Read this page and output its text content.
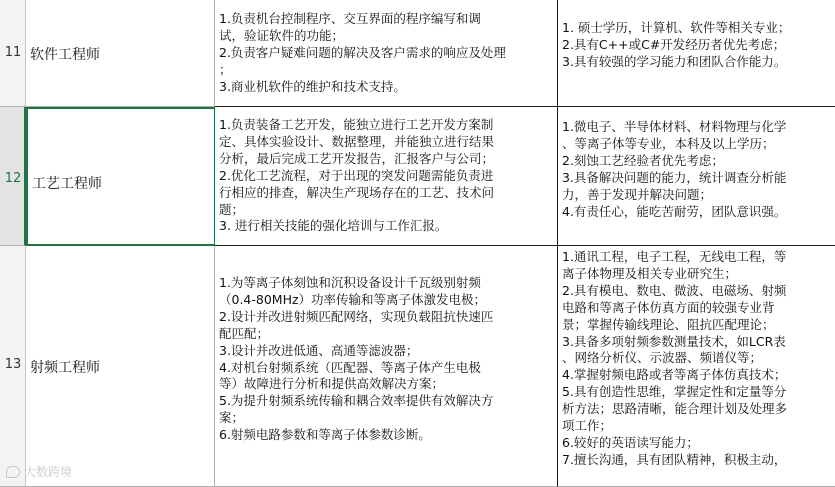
11 软件工程师
1.负责机台控制程序、交互界面的程序编写和调
试，验证软件的功能；
2.负责客户疑难问题的解决及客户需求的响应及处理
；
3.商业机软件的维护和技术支持。
1. 硕士学历，计算机、软件等相关专业；
2.具有C++或C#开发经历者优先考虑；
3.具有较强的学习能力和团队合作能力。
12 工艺工程师
1.负责装备工艺开发，能独立进行工艺开发方案制
定、具体实验设计、数据整理，并能独立进行结果
分析，最后完成工艺开发报告，汇报客户与公司；
2.优化工艺流程，对于出现的突发问题需能负责进
行相应的排查，解决生产现场存在的工艺、技术问
题；
3. 进行相关技能的强化培训与工作汇报。
1.微电子、半导体材料、材料物理与化学
、等离子体等专业，本科及以上学历；
2.刻蚀工艺经验者优先考虑；
3.具备解决问题的能力，统计调查分析能
力，善于发现并解决问题；
4.有责任心，能吃苦耐劳，团队意识强。
13 射频工程师
1.为等离子体刻蚀和沉积设备设计千瓦级别射频
（0.4-80MHz）功率传输和等离子体激发电极；
2.设计并改进射频匹配网络，实现负载阻抗快速匹
配匹配；
3.设计并改进低通、高通等滤波器；
4.对机台射频系统（匹配器、等离子体产生电极
等）故障进行分析和提供高效解决方案；
5.为提升射频系统传输和耦合效率提供有效解决方
案；
6.射频电路参数和等离子体参数诊断。
1.通讯工程，电子工程，无线电工程，等
离子体物理及相关专业研究生；
2.具有模电、数电、微波、电磁场、射频
电路和等离子体仿真方面的较强专业背
景；掌握传输线理论、阻抗匹配理论；
3.具备多项射频参数测量技术，如LCR表
、网络分析仪、示波器、频谱仪等；
4.掌握射频电路或者等离子体仿真技术；
5.具有创造性思维，掌握定性和定量等分
析方法；思路清晰，能合理计划及处理多
项工作；
6.较好的英语读写能力；
7.擅长沟通，具有团队精神，积极主动，
大数跨境
